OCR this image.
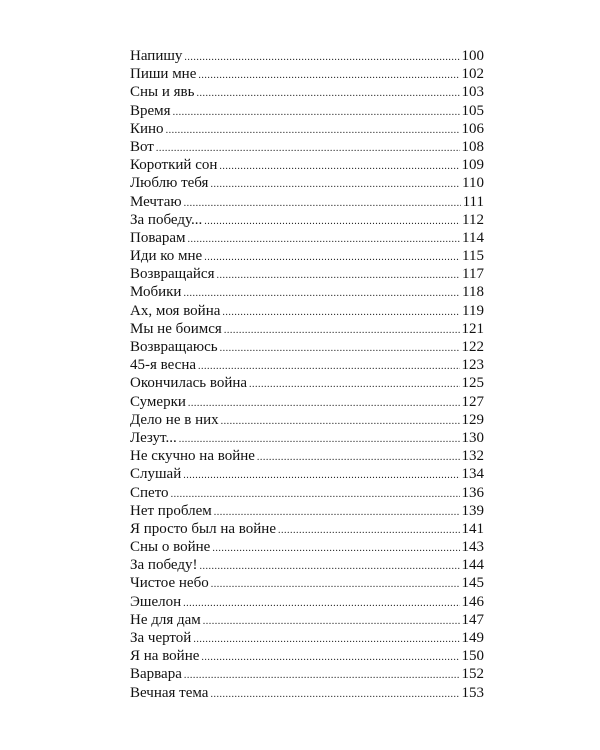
Напишу .....	100
Пиши мне .....	102
Сны и явь .....	103
Время .....	105
Кино .....	106
Вот .....	108
Короткий сон .....	109
Люблю тебя .....	110
Мечтаю .....	111
За победу... .....	112
Поварам .....	114
Иди ко мне .....	115
Возвращайся .....	117
Мобики .....	118
Ах, моя война .....	119
Мы не боимся .....	121
Возвращаюсь .....	122
45-я весна .....	123
Окончилась война .....	125
Сумерки .....	127
Дело не в них .....	129
Лезут... .....	130
Не скучно на войне .....	132
Слушай .....	134
Спето .....	136
Нет проблем .....	139
Я просто был на войне .....	141
Сны о войне .....	143
За победу! .....	144
Чистое небо .....	145
Эшелон .....	146
Не для дам .....	147
За чертой .....	149
Я на войне .....	150
Варвара .....	152
Вечная тема .....	153
